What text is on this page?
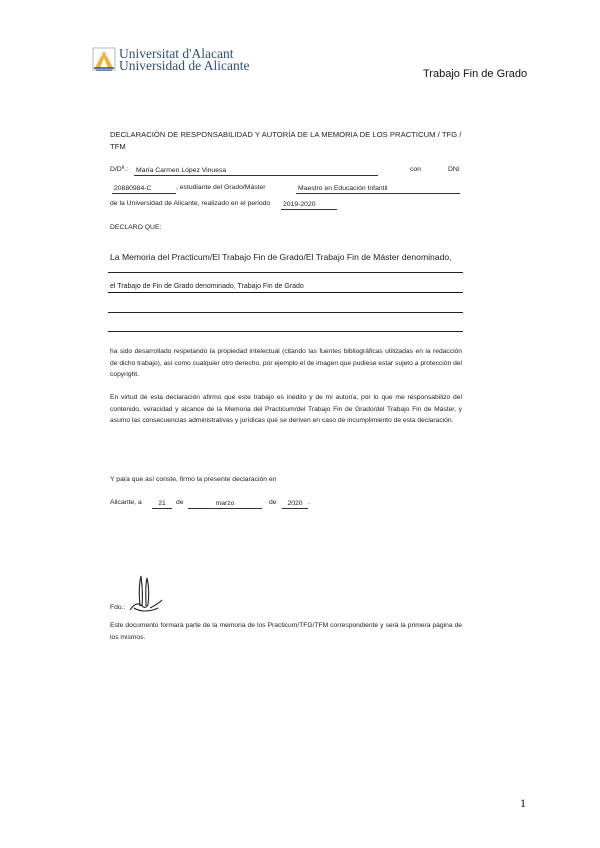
Universitat d'Alacant
Universidad de Alicante
Trabajo Fin de Grado
DECLARACIÓN DE RESPONSABILIDAD Y AUTORÍA DE LA MEMORIA DE LOS PRACTICUM / TFG /
TFM
D/Dª.: María Carmen López Vinuesa	con	DNI
20880984-C	, estudiante del Grado/Máster	Maestro en Educación Infantil
de la Universidad de Alicante, realizado en el periodo 2019-2020
DECLARO QUE:
La Memoria del Practicum/El Trabajo Fin de Grado/El Trabajo Fin de Máster denominado,
el Trabajo de Fin de Grado denominado, Trabajo Fin de Grado
ha sido desarrollado respetando la propiedad intelectual (citando las fuentes bibliográficas utilizadas en la redacción de dicho trabajo), así como cualquier otro derecho, por ejemplo el de imagen que pudiese estar sujeto a protección del copyright.
En virtud de esta declaración afirmo que este trabajo es inédito y de mi autoría, por lo que me responsabilizo del contenido, veracidad y alcance de la Memoria del Practicum/del Trabajo Fin de Grado/del Trabajo Fin de Máster, y asumo las consecuencias administrativas y jurídicas que se deriven en caso de incumplimiento de esta declaración.
Y para que así conste, firmo la presente declaración en
Alicante, a	21	de	marzo	de	2020 .
Fdo.:
Este documento formará parte de la memoria de los Practicum/TFG/TFM correspondiente y será la primera página de los mismos.
1
